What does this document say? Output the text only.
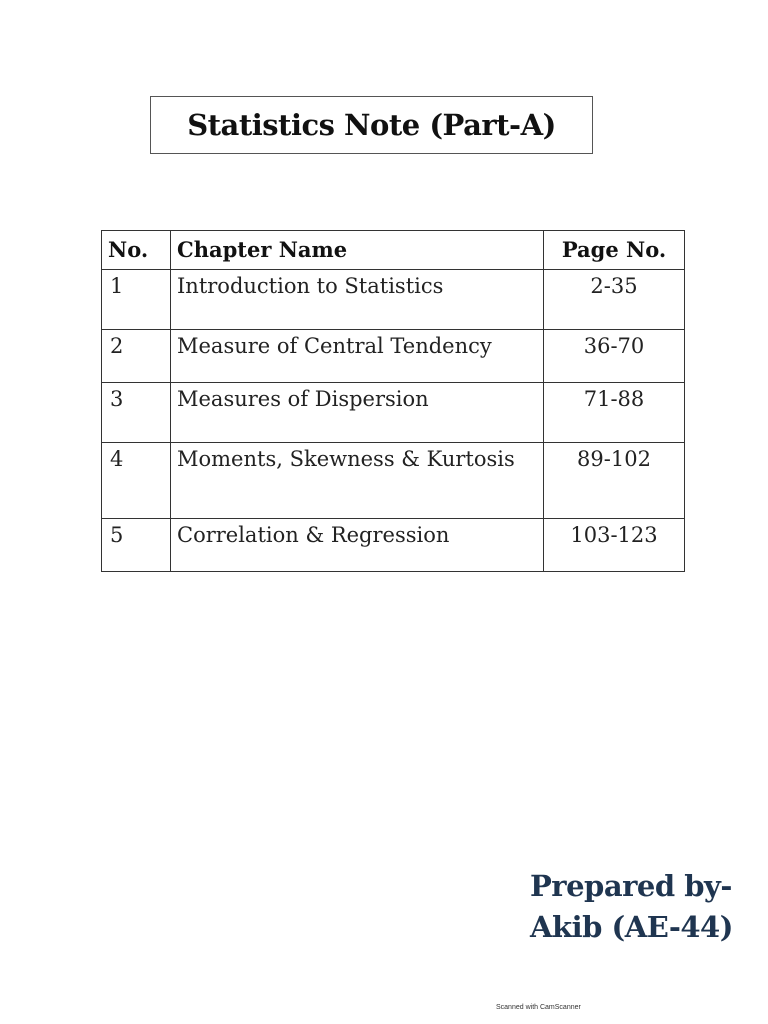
Statistics Note (Part-A)
No.	Chapter Name	Page No.
1	Introduction to Statistics	2-35
2	Measure of Central Tendency	36-70
3	Measures of Dispersion	71-88
4	Moments, Skewness & Kurtosis	89-102
5	Correlation & Regression	103-123
Prepared by-
Akib (AE-44)
Scanned with CamScanner
